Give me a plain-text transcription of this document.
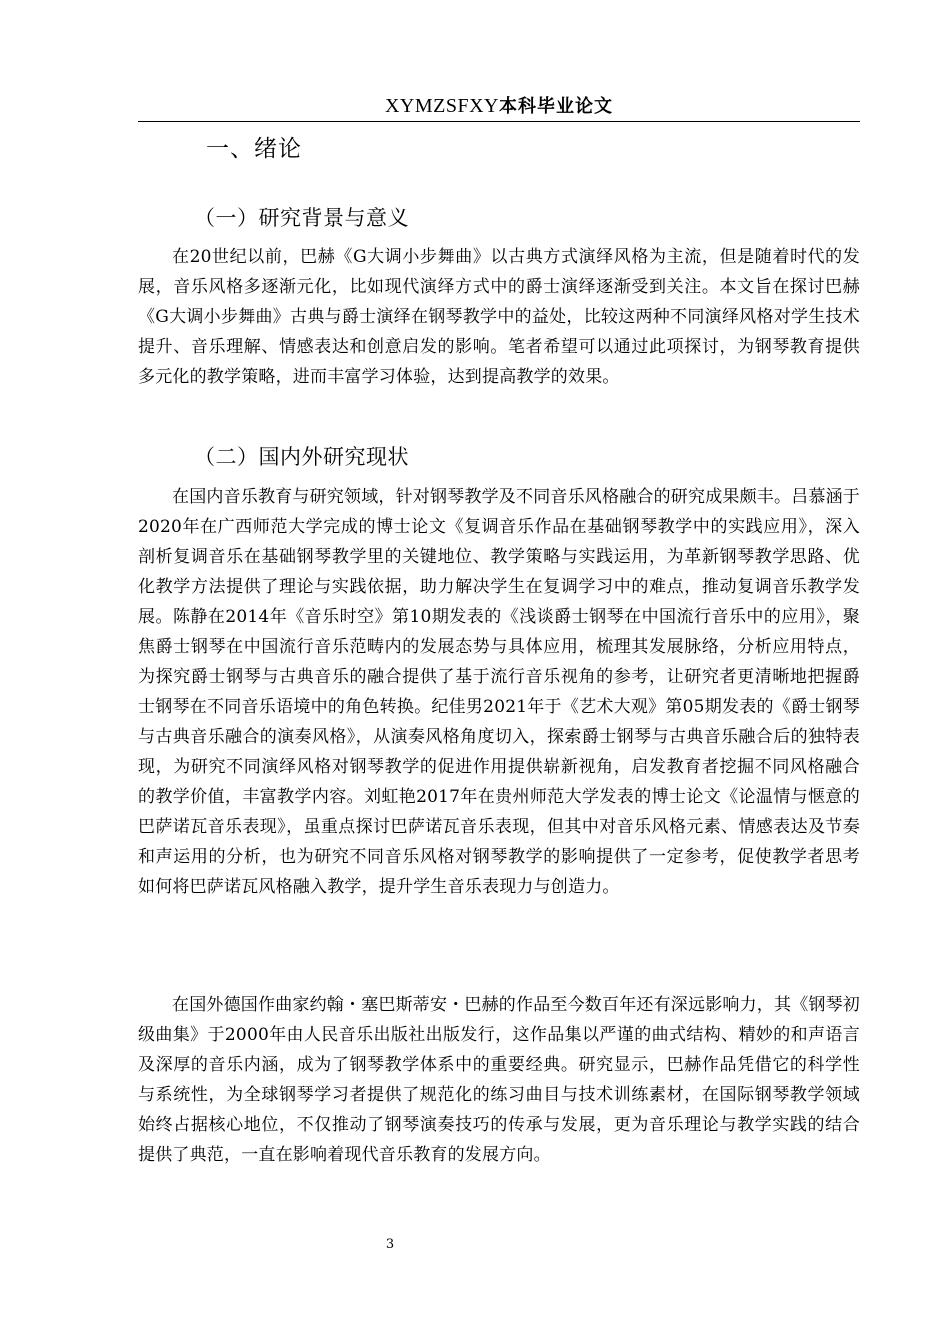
XYMZSFXY本科毕业论文
一、绪论
（一）研究背景与意义

在20世纪以前，巴赫《G大调小步舞曲》以古典方式演绎风格为主流，但是随着时代的发展，音乐风格多逐渐元化，比如现代演绎方式中的爵士演绎逐渐受到关注。本文旨在探讨巴赫《G大调小步舞曲》古典与爵士演绎在钢琴教学中的益处，比较这两种不同演绎风格对学生技术提升、音乐理解、情感表达和创意启发的影响。笔者希望可以通过此项探讨，为钢琴教育提供多元化的教学策略，进而丰富学习体验，达到提高教学的效果。

（二）国内外研究现状

在国内音乐教育与研究领域，针对钢琴教学及不同音乐风格融合的研究成果颇丰。吕慕涵于2020年在广西师范大学完成的博士论文《复调音乐作品在基础钢琴教学中的实践应用》，深入剖析复调音乐在基础钢琴教学里的关键地位、教学策略与实践运用，为革新钢琴教学思路、优化教学方法提供了理论与实践依据，助力解决学生在复调学习中的难点，推动复调音乐教学发展。陈静在2014年《音乐时空》第10期发表的《浅谈爵士钢琴在中国流行音乐中的应用》，聚焦爵士钢琴在中国流行音乐范畴内的发展态势与具体应用，梳理其发展脉络，分析应用特点，为探究爵士钢琴与古典音乐的融合提供了基于流行音乐视角的参考，让研究者更清晰地把握爵士钢琴在不同音乐语境中的角色转换。纪佳男2021年于《艺术大观》第05期发表的《爵士钢琴与古典音乐融合的演奏风格》，从演奏风格角度切入，探索爵士钢琴与古典音乐融合后的独特表现，为研究不同演绎风格对钢琴教学的促进作用提供崭新视角，启发教育者挖掘不同风格融合的教学价值，丰富教学内容。刘虹艳2017年在贵州师范大学发表的博士论文《论温情与惬意的巴萨诺瓦音乐表现》，虽重点探讨巴萨诺瓦音乐表现，但其中对音乐风格元素、情感表达及节奏和声运用的分析，也为研究不同音乐风格对钢琴教学的影响提供了一定参考，促使教学者思考如何将巴萨诺瓦风格融入教学，提升学生音乐表现力与创造力。

在国外德国作曲家约翰・塞巴斯蒂安・巴赫的作品至今数百年还有深远影响力，其《钢琴初级曲集》于2000年由人民音乐出版社出版发行，这作品集以严谨的曲式结构、精妙的和声语言及深厚的音乐内涵，成为了钢琴教学体系中的重要经典。研究显示，巴赫作品凭借它的科学性与系统性，为全球钢琴学习者提供了规范化的练习曲目与技术训练素材，在国际钢琴教学领域始终占据核心地位，不仅推动了钢琴演奏技巧的传承与发展，更为音乐理论与教学实践的结合提供了典范，一直在影响着现代音乐教育的发展方向。

3
